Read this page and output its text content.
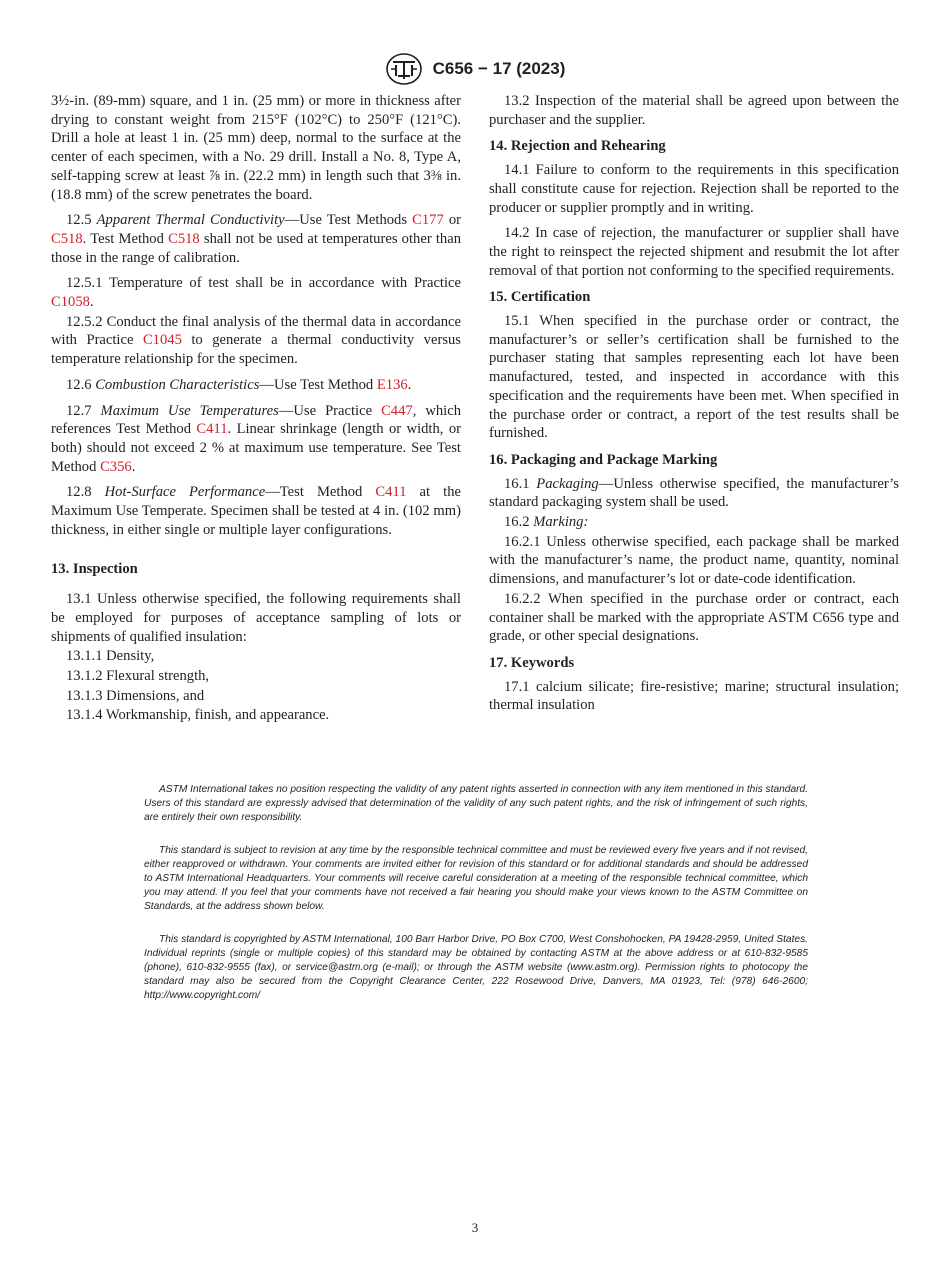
C656 − 17 (2023)

3½-in. (89-mm) square, and 1 in. (25 mm) or more in thickness after drying to constant weight from 215°F (102°C) to 250°F (121°C). Drill a hole at least 1 in. (25 mm) deep, normal to the surface at the center of each specimen, with a No. 29 drill. Install a No. 8, Type A, self-tapping screw at least ⅞ in. (22.2 mm) in length such that 3⅜ in. (18.8 mm) of the screw penetrates the board.

12.5 Apparent Thermal Conductivity—Use Test Methods C177 or C518. Test Method C518 shall not be used at temperatures other than those in the range of calibration.

12.5.1 Temperature of test shall be in accordance with Practice C1058.

12.5.2 Conduct the final analysis of the thermal data in accordance with Practice C1045 to generate a thermal conductivity versus temperature relationship for the specimen.

12.6 Combustion Characteristics—Use Test Method E136.

12.7 Maximum Use Temperatures—Use Practice C447, which references Test Method C411. Linear shrinkage (length or width, or both) should not exceed 2 % at maximum use temperature. See Test Method C356.

12.8 Hot-Surface Performance—Test Method C411 at the Maximum Use Temperate. Specimen shall be tested at 4 in. (102 mm) thickness, in either single or multiple layer configurations.

13. Inspection

13.1 Unless otherwise specified, the following requirements shall be employed for purposes of acceptance sampling of lots or shipments of qualified insulation:

13.1.1 Density,

13.1.2 Flexural strength,

13.1.3 Dimensions, and

13.1.4 Workmanship, finish, and appearance.

13.2 Inspection of the material shall be agreed upon between the purchaser and the supplier.

14. Rejection and Rehearing

14.1 Failure to conform to the requirements in this specification shall constitute cause for rejection. Rejection shall be reported to the producer or supplier promptly and in writing.

14.2 In case of rejection, the manufacturer or supplier shall have the right to reinspect the rejected shipment and resubmit the lot after removal of that portion not conforming to the specified requirements.

15. Certification

15.1 When specified in the purchase order or contract, the manufacturer’s or seller’s certification shall be furnished to the purchaser stating that samples representing each lot have been manufactured, tested, and inspected in accordance with this specification and the requirements have been met. When specified in the purchase order or contract, a report of the test results shall be furnished.

16. Packaging and Package Marking

16.1 Packaging—Unless otherwise specified, the manufacturer’s standard packaging system shall be used.

16.2 Marking:

16.2.1 Unless otherwise specified, each package shall be marked with the manufacturer’s name, the product name, quantity, nominal dimensions, and manufacturer’s lot or date-code identification.

16.2.2 When specified in the purchase order or contract, each container shall be marked with the appropriate ASTM C656 type and grade, or other special designations.

17. Keywords

17.1 calcium silicate; fire-resistive; marine; structural insulation; thermal insulation

ASTM International takes no position respecting the validity of any patent rights asserted in connection with any item mentioned in this standard. Users of this standard are expressly advised that determination of the validity of any such patent rights, and the risk of infringement of such rights, are entirely their own responsibility.

This standard is subject to revision at any time by the responsible technical committee and must be reviewed every five years and if not revised, either reapproved or withdrawn. Your comments are invited either for revision of this standard or for additional standards and should be addressed to ASTM International Headquarters. Your comments will receive careful consideration at a meeting of the responsible technical committee, which you may attend. If you feel that your comments have not received a fair hearing you should make your views known to the ASTM Committee on Standards, at the address shown below.

This standard is copyrighted by ASTM International, 100 Barr Harbor Drive, PO Box C700, West Conshohocken, PA 19428-2959, United States. Individual reprints (single or multiple copies) of this standard may be obtained by contacting ASTM at the above address or at 610-832-9585 (phone), 610-832-9555 (fax), or service@astm.org (e-mail); or through the ASTM website (www.astm.org). Permission rights to photocopy the standard may also be secured from the Copyright Clearance Center, 222 Rosewood Drive, Danvers, MA 01923, Tel: (978) 646-2600; http://www.copyright.com/

3
